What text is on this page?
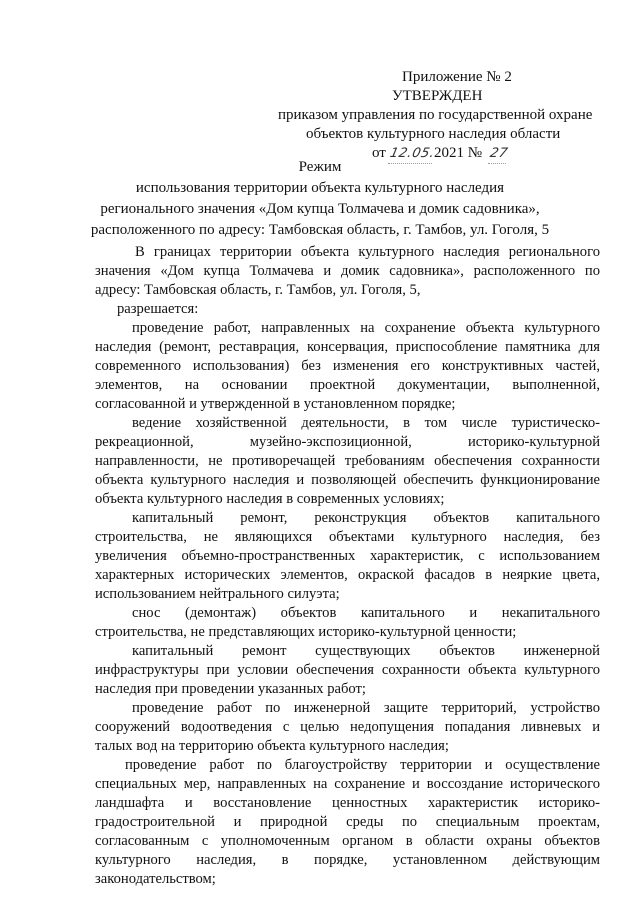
Приложение № 2
УТВЕРЖДЕН
приказом управления по государственной охране
объектов культурного наследия области
от 12.05.2021 № 27
Режим
использования территории объекта культурного наследия
регионального значения «Дом купца Толмачева и домик садовника»,
расположенного по адресу: Тамбовская область, г. Тамбов, ул. Гоголя, 5
В границах территории объекта культурного наследия регионального
значения «Дом купца Толмачева и домик садовника», расположенного по
адресу: Тамбовская область, г. Тамбов, ул. Гоголя, 5,
разрешается:
проведение работ, направленных на сохранение объекта культурного
наследия (ремонт, реставрация, консервация, приспособление памятника для
современного использования) без изменения его конструктивных частей,
элементов, на основании проектной документации, выполненной,
согласованной и утвержденной в установленном порядке;
ведение хозяйственной деятельности, в том числе туристическо-
рекреационной, музейно-экспозиционной, историко-культурной
направленности, не противоречащей требованиям обеспечения сохранности
объекта культурного наследия и позволяющей обеспечить функционирование
объекта культурного наследия в современных условиях;
капитальный ремонт, реконструкция объектов капитального
строительства, не являющихся объектами культурного наследия, без
увеличения объемно-пространственных характеристик, с использованием
характерных исторических элементов, окраской фасадов в неяркие цвета,
использованием нейтрального силуэта;
снос (демонтаж) объектов капитального и некапитального
строительства, не представляющих историко-культурной ценности;
капитальный ремонт существующих объектов инженерной
инфраструктуры при условии обеспечения сохранности объекта культурного
наследия при проведении указанных работ;
проведение работ по инженерной защите территорий, устройство
сооружений водоотведения с целью недопущения попадания ливневых и
талых вод на территорию объекта культурного наследия;
проведение работ по благоустройству территории и осуществление
специальных мер, направленных на сохранение и воссоздание исторического
ландшафта и восстановление ценностных характеристик историко-
градостроительной и природной среды по специальным проектам,
согласованным с уполномоченным органом в области охраны объектов
культурного наследия, в порядке, установленном действующим
законодательством;
